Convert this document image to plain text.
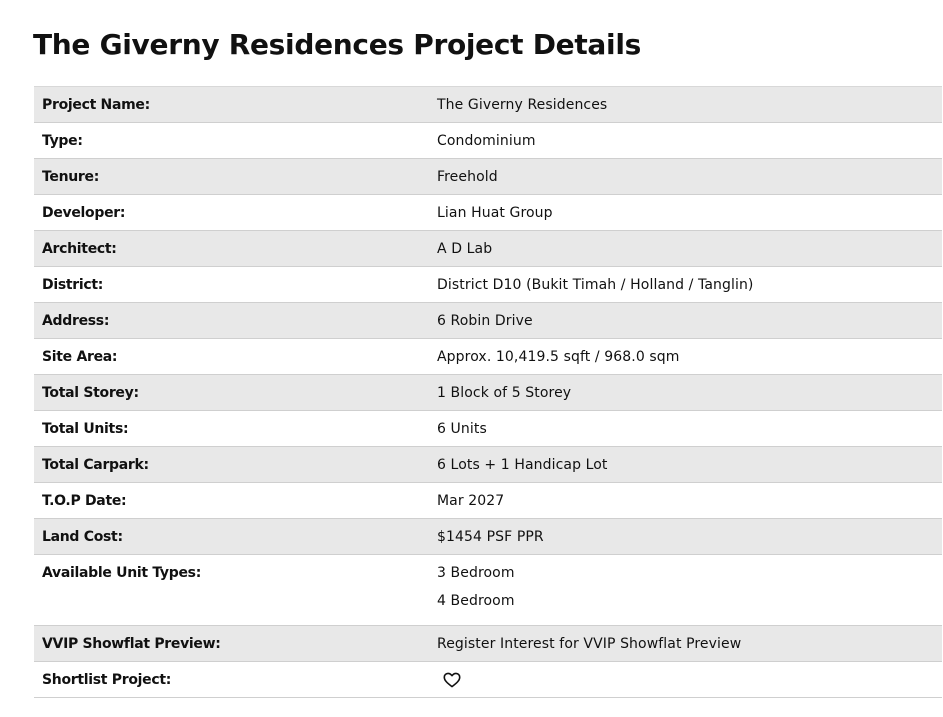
The Giverny Residences Project Details
Project Name:	The Giverny Residences
Type:	Condominium
Tenure:	Freehold
Developer:	Lian Huat Group
Architect:	A D Lab
District:	District D10 (Bukit Timah / Holland / Tanglin)
Address:	6 Robin Drive
Site Area:	Approx. 10,419.5 sqft / 968.0 sqm
Total Storey:	1 Block of 5 Storey
Total Units:	6 Units
Total Carpark:	6 Lots + 1 Handicap Lot
T.O.P Date:	Mar 2027
Land Cost:	$1454 PSF PPR
Available Unit Types:	3 Bedroom
4 Bedroom

VVIP Showflat Preview:	Register Interest for VVIP Showflat Preview
Shortlist Project:	
